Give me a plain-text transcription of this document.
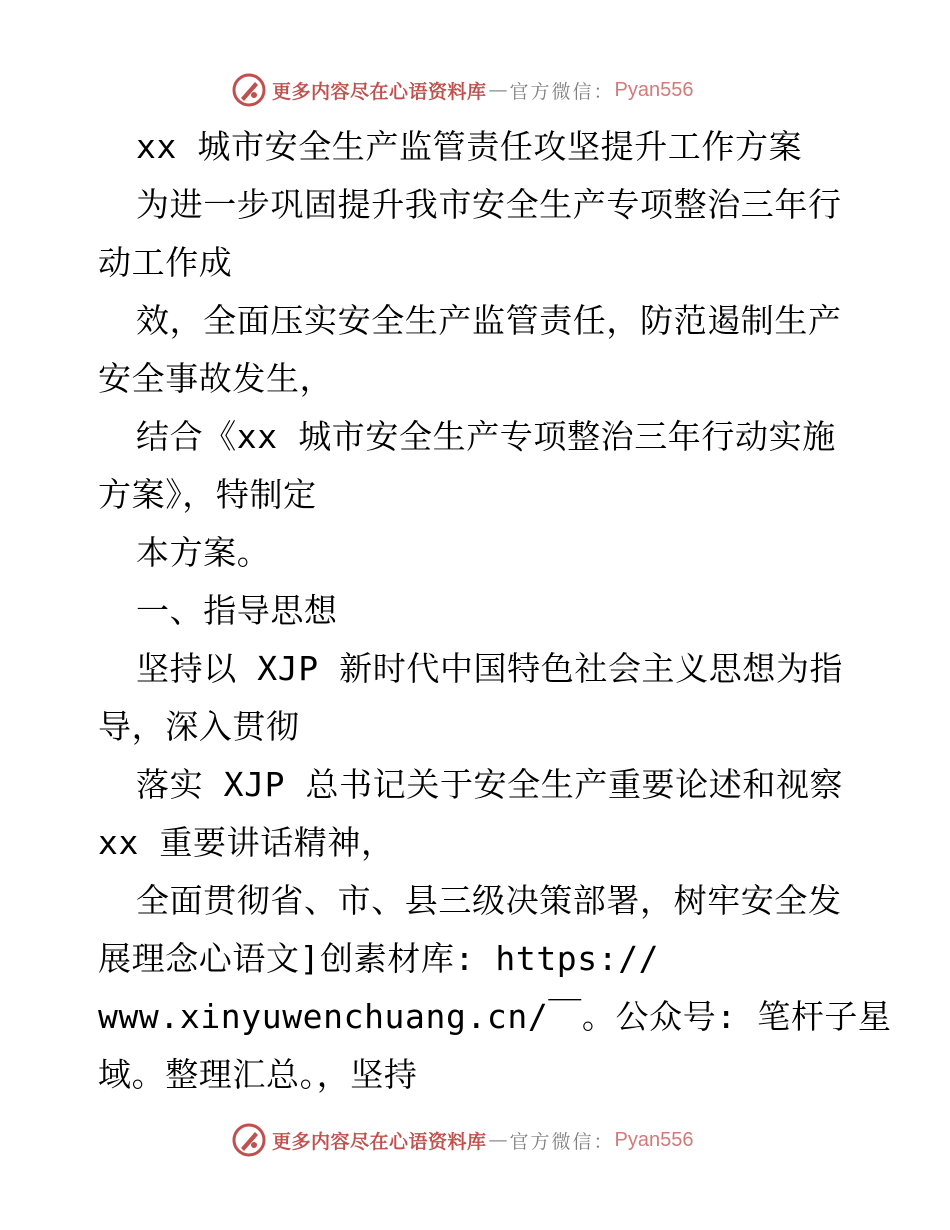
更多内容尽在心语资料库 — 官方微信： Pyan556
xx 城市安全生产监管责任攻坚提升工作方案
为进一步巩固提升我市安全生产专项整治三年行
动工作成
效，全面压实安全生产监管责任，防范遏制生产
安全事故发生，
结合《xx 城市安全生产专项整治三年行动实施
方案》，特制定
本方案。
一、指导思想
坚持以 XJP 新时代中国特色社会主义思想为指
导，深入贯彻
落实 XJP 总书记关于安全生产重要论述和视察
xx 重要讲话精神，
全面贯彻省、市、县三级决策部署，树牢安全发
展理念心语文]创素材库: https://
www.xinyuwenchuang.cn/￣。公众号: 笔杆子星
域。整理汇总。，坚持
更多内容尽在心语资料库 — 官方微信： Pyan556
